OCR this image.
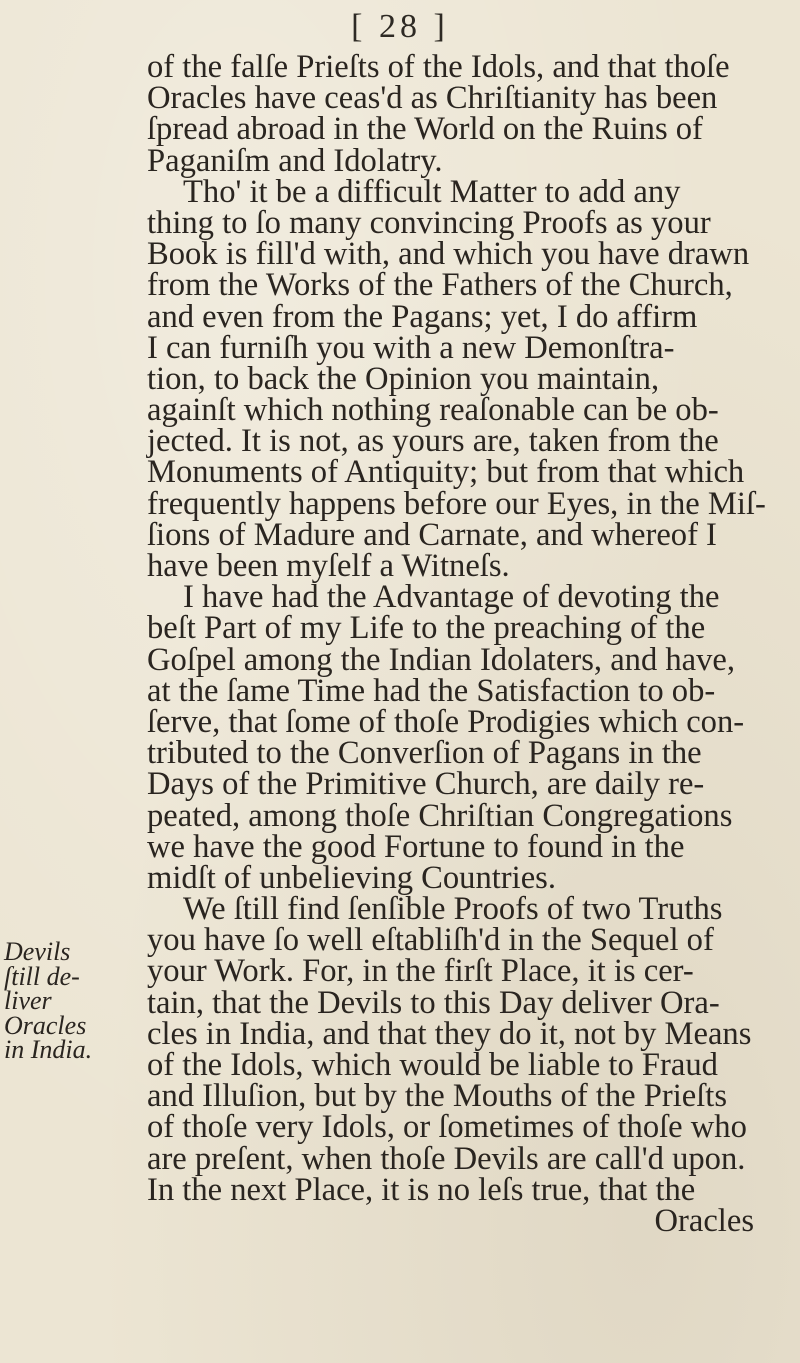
[ 28 ]
Devils
ſtill de-
liver
Oracles
in India.
of the falſe Prieſts of the Idols, and that thoſe
Oracles have ceas'd as Chriſtianity has been
ſpread abroad in the World on the Ruins of
Paganiſm and Idolatry.
Tho' it be a difficult Matter to add any
thing to ſo many convincing Proofs as your
Book is fill'd with, and which you have drawn
from the Works of the Fathers of the Church,
and even from the Pagans; yet, I do affirm
I can furniſh you with a new Demonſtra-
tion, to back the Opinion you maintain,
againſt which nothing reaſonable can be ob-
jected. It is not, as yours are, taken from the
Monuments of Antiquity; but from that which
frequently happens before our Eyes, in the Miſ-
ſions of Madure and Carnate, and whereof I
have been myſelf a Witneſs.
I have had the Advantage of devoting the
beſt Part of my Life to the preaching of the
Goſpel among the Indian Idolaters, and have,
at the ſame Time had the Satisfaction to ob-
ſerve, that ſome of thoſe Prodigies which con-
tributed to the Converſion of Pagans in the
Days of the Primitive Church, are daily re-
peated, among thoſe Chriſtian Congregations
we have the good Fortune to found in the
midſt of unbelieving Countries.
We ſtill find ſenſible Proofs of two Truths
you have ſo well eſtabliſh'd in the Sequel of
your Work. For, in the firſt Place, it is cer-
tain, that the Devils to this Day deliver Ora-
cles in India, and that they do it, not by Means
of the Idols, which would be liable to Fraud
and Illuſion, but by the Mouths of the Prieſts
of thoſe very Idols, or ſometimes of thoſe who
are preſent, when thoſe Devils are call'd upon.
In the next Place, it is no leſs true, that the
Oracles
